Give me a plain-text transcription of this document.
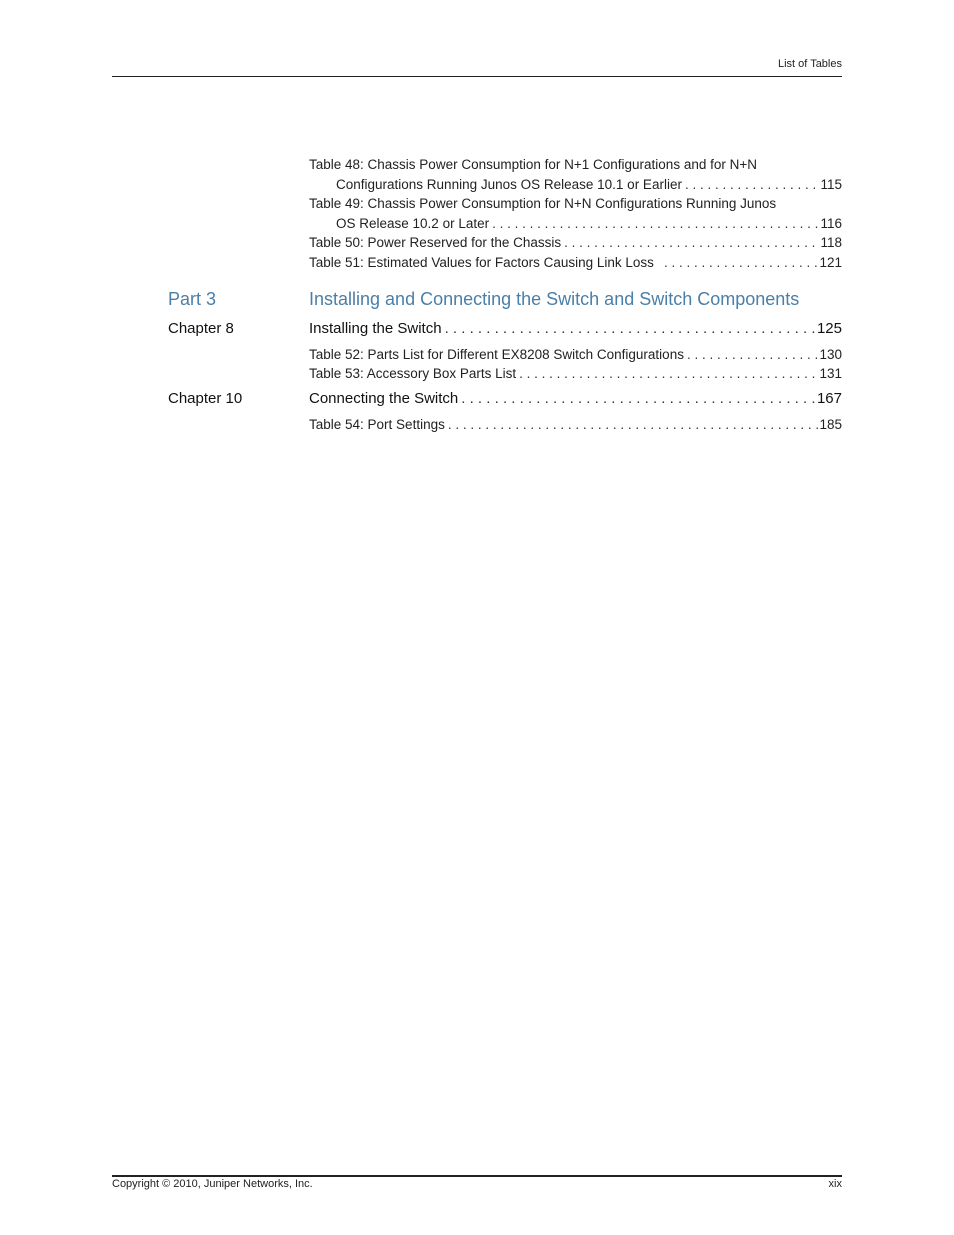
List of Tables
Table 48: Chassis Power Consumption for N+1 Configurations and for N+N
Configurations Running Junos OS Release 10.1 or Earlier . . .	115
Table 49: Chassis Power Consumption for N+N Configurations Running Junos
OS Release 10.2 or Later . . .	116
Table 50: Power Reserved for the Chassis . . .	118
Table 51: Estimated Values for Factors Causing Link Loss . . .	121
Part 3	Installing and Connecting the Switch and Switch Components
Chapter 8	Installing the Switch . . .	125
Table 52: Parts List for Different EX8208 Switch Configurations . . .	130
Table 53: Accessory Box Parts List . . .	131
Chapter 10	Connecting the Switch . . .	167
Table 54: Port Settings . . .	185
Copyright © 2010, Juniper Networks, Inc.	xix
